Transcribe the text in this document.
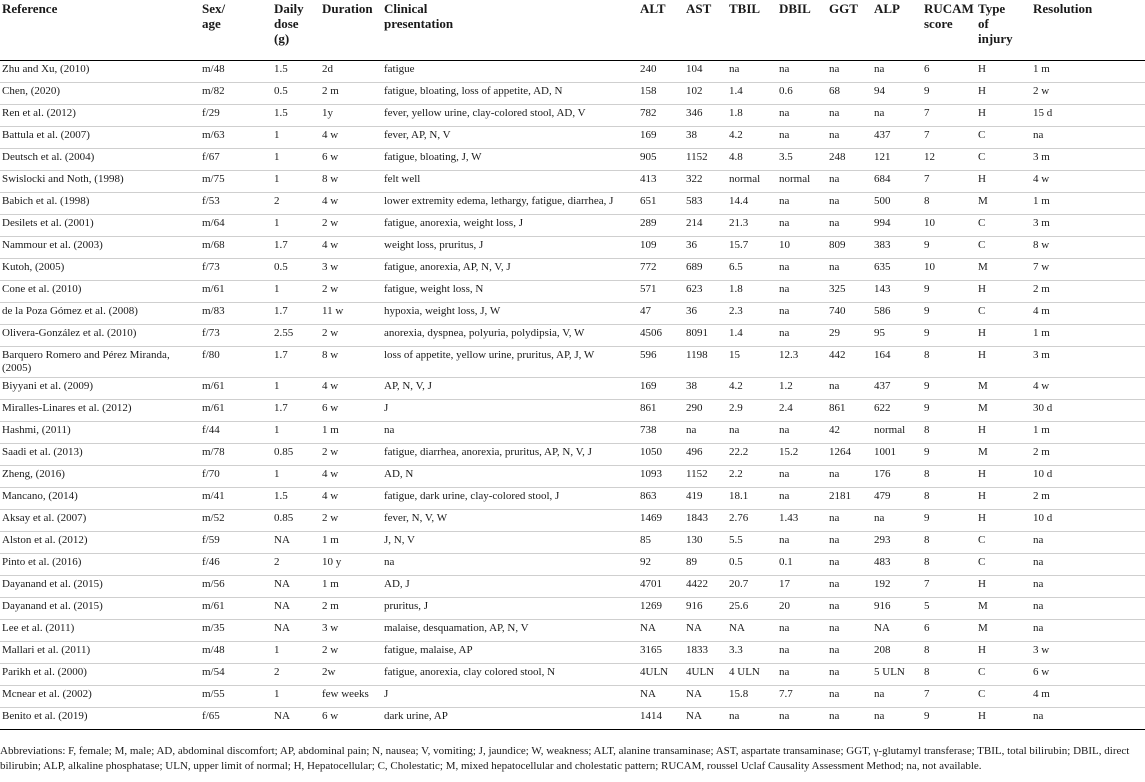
Reference	Sex/
age	Daily
dose
(g)	Duration	Clinical
presentation	ALT	AST	TBIL	DBIL	GGT	ALP	RUCAM
score	Type
of
injury	Resolution
Zhu and Xu, (2010)	m/48	1.5	2d	fatigue	240	104	na	na	na	na	6	H	1 m
Chen, (2020)	m/82	0.5	2 m	fatigue, bloating, loss of appetite, AD, N	158	102	1.4	0.6	68	94	9	H	2 w
Ren et al. (2012)	f/29	1.5	1y	fever, yellow urine, clay-colored stool, AD, V	782	346	1.8	na	na	na	7	H	15 d
Battula et al. (2007)	m/63	1	4 w	fever, AP, N, V	169	38	4.2	na	na	437	7	C	na
Deutsch et al. (2004)	f/67	1	6 w	fatigue, bloating, J, W	905	1152	4.8	3.5	248	121	12	C	3 m
Swislocki and Noth, (1998)	m/75	1	8 w	felt well	413	322	normal	normal	na	684	7	H	4 w
Babich et al. (1998)	f/53	2	4 w	lower extremity edema, lethargy, fatigue, diarrhea, J	651	583	14.4	na	na	500	8	M	1 m
Desilets et al. (2001)	m/64	1	2 w	fatigue, anorexia, weight loss, J	289	214	21.3	na	na	994	10	C	3 m
Nammour et al. (2003)	m/68	1.7	4 w	weight loss, pruritus, J	109	36	15.7	10	809	383	9	C	8 w
Kutoh, (2005)	f/73	0.5	3 w	fatigue, anorexia, AP, N, V, J	772	689	6.5	na	na	635	10	M	7 w
Cone et al. (2010)	m/61	1	2 w	fatigue, weight loss, N	571	623	1.8	na	325	143	9	H	2 m
de la Poza Gómez et al. (2008)	m/83	1.7	11 w	hypoxia, weight loss, J, W	47	36	2.3	na	740	586	9	C	4 m
Olivera-González et al. (2010)	f/73	2.55	2 w	anorexia, dyspnea, polyuria, polydipsia, V, W	4506	8091	1.4	na	29	95	9	H	1 m
Barquero Romero and Pérez Miranda, (2005)	f/80	1.7	8 w	loss of appetite, yellow urine, pruritus, AP, J, W	596	1198	15	12.3	442	164	8	H	3 m
Biyyani et al. (2009)	m/61	1	4 w	AP, N, V, J	169	38	4.2	1.2	na	437	9	M	4 w
Miralles-Linares et al. (2012)	m/61	1.7	6 w	J	861	290	2.9	2.4	861	622	9	M	30 d
Hashmi, (2011)	f/44	1	1 m	na	738	na	na	na	42	normal	8	H	1 m
Saadi et al. (2013)	m/78	0.85	2 w	fatigue, diarrhea, anorexia, pruritus, AP, N, V, J	1050	496	22.2	15.2	1264	1001	9	M	2 m
Zheng, (2016)	f/70	1	4 w	AD, N	1093	1152	2.2	na	na	176	8	H	10 d
Mancano, (2014)	m/41	1.5	4 w	fatigue, dark urine, clay-colored stool, J	863	419	18.1	na	2181	479	8	H	2 m
Aksay et al. (2007)	m/52	0.85	2 w	fever, N, V, W	1469	1843	2.76	1.43	na	na	9	H	10 d
Alston et al. (2012)	f/59	NA	1 m	J, N, V	85	130	5.5	na	na	293	8	C	na
Pinto et al. (2016)	f/46	2	10 y	na	92	89	0.5	0.1	na	483	8	C	na
Dayanand et al. (2015)	m/56	NA	1 m	AD, J	4701	4422	20.7	17	na	192	7	H	na
Dayanand et al. (2015)	m/61	NA	2 m	pruritus, J	1269	916	25.6	20	na	916	5	M	na
Lee et al. (2011)	m/35	NA	3 w	malaise, desquamation, AP, N, V	NA	NA	NA	na	na	NA	6	M	na
Mallari et al. (2011)	m/48	1	2 w	fatigue, malaise, AP	3165	1833	3.3	na	na	208	8	H	3 w
Parikh et al. (2000)	m/54	2	2w	fatigue, anorexia, clay colored stool, N	4ULN	4ULN	4 ULN	na	na	5 ULN	8	C	6 w
Mcnear et al. (2002)	m/55	1	few weeks	J	NA	NA	15.8	7.7	na	na	7	C	4 m
Benito et al. (2019)	f/65	NA	6 w	dark urine, AP	1414	NA	na	na	na	na	9	H	na

Abbreviations: F, female; M, male; AD, abdominal discomfort; AP, abdominal pain; N, nausea; V, vomiting; J, jaundice; W, weakness; ALT, alanine transaminase; AST, aspartate transaminase; GGT, γ-glutamyl transferase; TBIL, total bilirubin; DBIL, direct bilirubin; ALP, alkaline phosphatase; ULN, upper limit of normal; H, Hepatocellular; C, Cholestatic; M, mixed hepatocellular and cholestatic pattern; RUCAM, roussel Uclaf Causality Assessment Method; na, not available.
